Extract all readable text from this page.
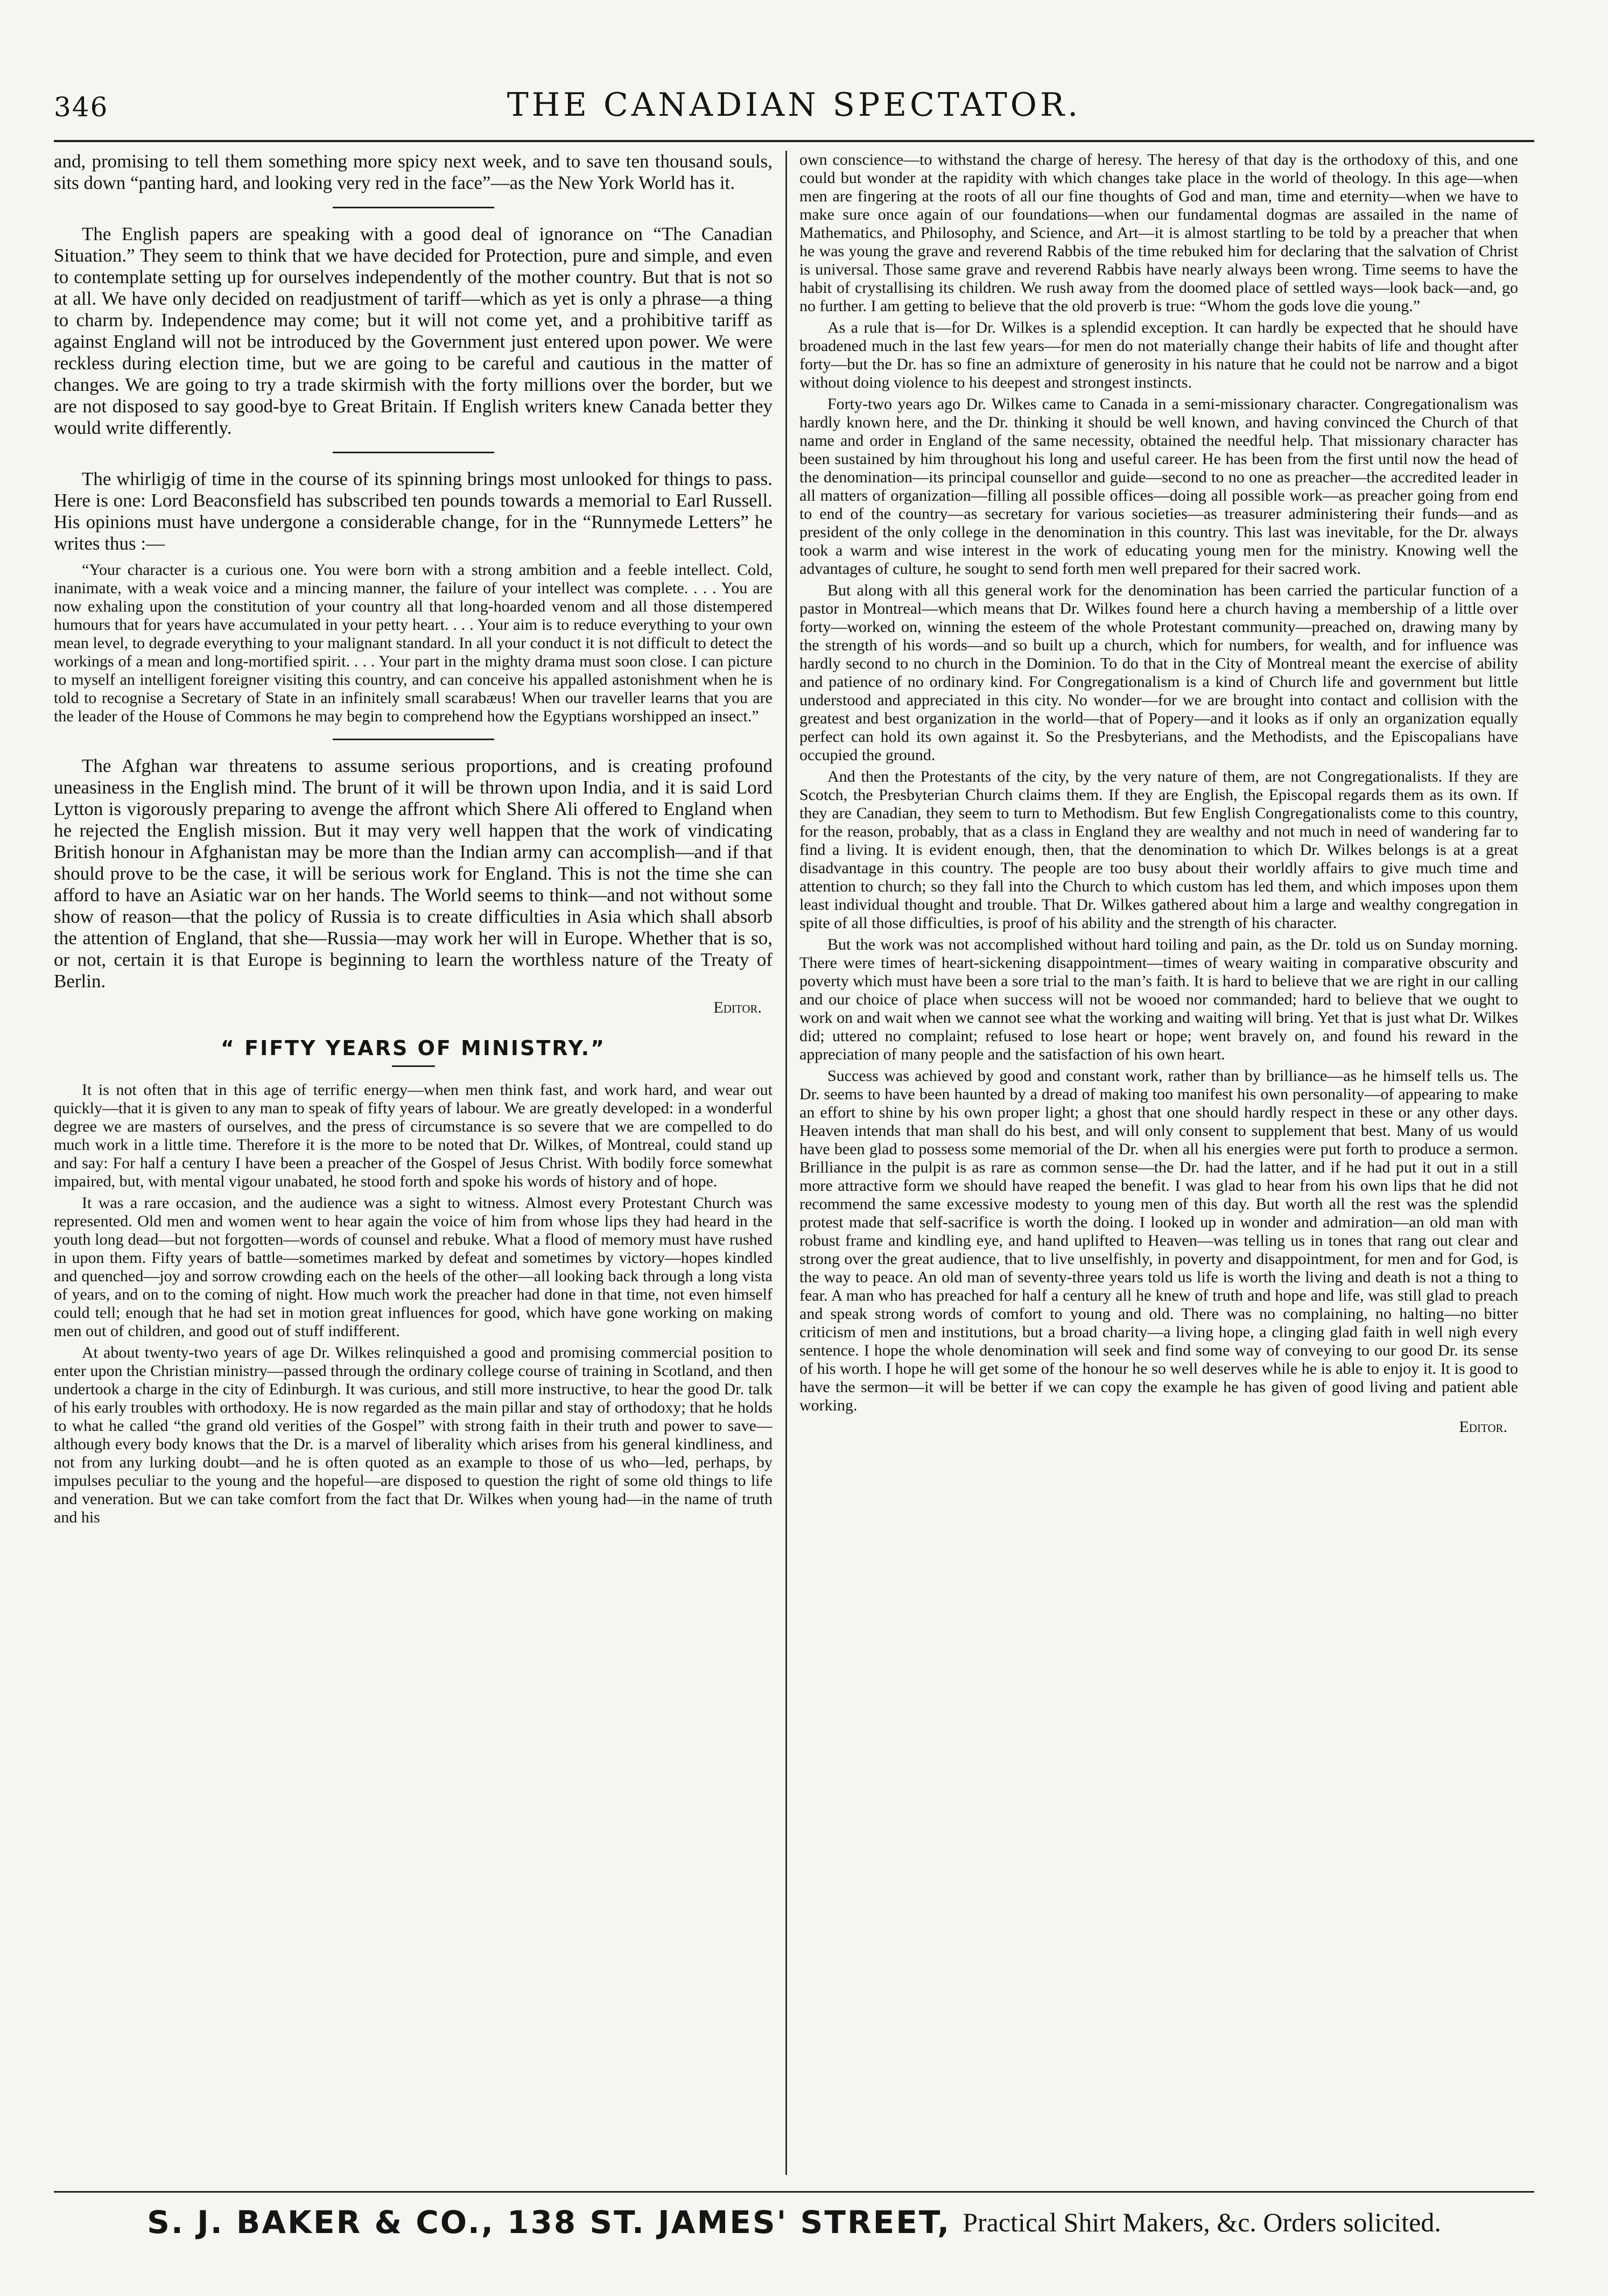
346	THE CANADIAN SPECTATOR.

and, promising to tell them something more spicy next week, and to save ten thousand souls, sits down “panting hard, and looking very red in the face”—as the New York World has it.

The English papers are speaking with a good deal of ignorance on “The Canadian Situation.” They seem to think that we have decided for Protection, pure and simple, and even to contemplate setting up for ourselves independently of the mother country. But that is not so at all. We have only decided on readjustment of tariff—which as yet is only a phrase—a thing to charm by. Independence may come; but it will not come yet, and a prohibitive tariff as against England will not be introduced by the Government just entered upon power. We were reckless during election time, but we are going to be careful and cautious in the matter of changes. We are going to try a trade skirmish with the forty millions over the border, but we are not disposed to say good-bye to Great Britain. If English writers knew Canada better they would write differently.

The whirligig of time in the course of its spinning brings most unlooked for things to pass. Here is one: Lord Beaconsfield has subscribed ten pounds towards a memorial to Earl Russell. His opinions must have undergone a considerable change, for in the “Runnymede Letters” he writes thus :—

“Your character is a curious one. You were born with a strong ambition and a feeble intellect. Cold, inanimate, with a weak voice and a mincing manner, the failure of your intellect was complete. . . . You are now exhaling upon the constitution of your country all that long-hoarded venom and all those distempered humours that for years have accumulated in your petty heart. . . . Your aim is to reduce everything to your own mean level, to degrade everything to your malignant standard. In all your conduct it is not difficult to detect the workings of a mean and long-mortified spirit. . . . Your part in the mighty drama must soon close. I can picture to myself an intelligent foreigner visiting this country, and can conceive his appalled astonishment when he is told to recognise a Secretary of State in an infinitely small scarabæus! When our traveller learns that you are the leader of the House of Commons he may begin to comprehend how the Egyptians worshipped an insect.”

The Afghan war threatens to assume serious proportions, and is creating profound uneasiness in the English mind. The brunt of it will be thrown upon India, and it is said Lord Lytton is vigorously preparing to avenge the affront which Shere Ali offered to England when he rejected the English mission. But it may very well happen that the work of vindicating British honour in Afghanistan may be more than the Indian army can accomplish—and if that should prove to be the case, it will be serious work for England. This is not the time she can afford to have an Asiatic war on her hands. The World seems to think—and not without some show of reason—that the policy of Russia is to create difficulties in Asia which shall absorb the attention of England, that she—Russia—may work her will in Europe. Whether that is so, or not, certain it is that Europe is beginning to learn the worthless nature of the Treaty of Berlin.

Editor.

“ FIFTY YEARS OF MINISTRY.”

It is not often that in this age of terrific energy—when men think fast, and work hard, and wear out quickly—that it is given to any man to speak of fifty years of labour. We are greatly developed: in a wonderful degree we are masters of ourselves, and the press of circumstance is so severe that we are compelled to do much work in a little time. Therefore it is the more to be noted that Dr. Wilkes, of Montreal, could stand up and say: For half a century I have been a preacher of the Gospel of Jesus Christ. With bodily force somewhat impaired, but, with mental vigour unabated, he stood forth and spoke his words of history and of hope.

It was a rare occasion, and the audience was a sight to witness. Almost every Protestant Church was represented. Old men and women went to hear again the voice of him from whose lips they had heard in the youth long dead—but not forgotten—words of counsel and rebuke. What a flood of memory must have rushed in upon them. Fifty years of battle—sometimes marked by defeat and sometimes by victory—hopes kindled and quenched—joy and sorrow crowding each on the heels of the other—all looking back through a long vista of years, and on to the coming of night. How much work the preacher had done in that time, not even himself could tell; enough that he had set in motion great influences for good, which have gone working on making men out of children, and good out of stuff indifferent.

At about twenty-two years of age Dr. Wilkes relinquished a good and promising commercial position to enter upon the Christian ministry—passed through the ordinary college course of training in Scotland, and then undertook a charge in the city of Edinburgh. It was curious, and still more instructive, to hear the good Dr. talk of his early troubles with orthodoxy. He is now regarded as the main pillar and stay of orthodoxy; that he holds to what he called “the grand old verities of the Gospel” with strong faith in their truth and power to save—although every body knows that the Dr. is a marvel of liberality which arises from his general kindliness, and not from any lurking doubt—and he is often quoted as an example to those of us who—led, perhaps, by impulses peculiar to the young and the hopeful—are disposed to question the right of some old things to life and veneration. But we can take comfort from the fact that Dr. Wilkes when young had—in the name of truth and his

own conscience—to withstand the charge of heresy. The heresy of that day is the orthodoxy of this, and one could but wonder at the rapidity with which changes take place in the world of theology. In this age—when men are fingering at the roots of all our fine thoughts of God and man, time and eternity—when we have to make sure once again of our foundations—when our fundamental dogmas are assailed in the name of Mathematics, and Philosophy, and Science, and Art—it is almost startling to be told by a preacher that when he was young the grave and reverend Rabbis of the time rebuked him for declaring that the salvation of Christ is universal. Those same grave and reverend Rabbis have nearly always been wrong. Time seems to have the habit of crystallising its children. We rush away from the doomed place of settled ways—look back—and, go no further. I am getting to believe that the old proverb is true: “Whom the gods love die young.”

As a rule that is—for Dr. Wilkes is a splendid exception. It can hardly be expected that he should have broadened much in the last few years—for men do not materially change their habits of life and thought after forty—but the Dr. has so fine an admixture of generosity in his nature that he could not be narrow and a bigot without doing violence to his deepest and strongest instincts.

Forty-two years ago Dr. Wilkes came to Canada in a semi-missionary character. Congregationalism was hardly known here, and the Dr. thinking it should be well known, and having convinced the Church of that name and order in England of the same necessity, obtained the needful help. That missionary character has been sustained by him throughout his long and useful career. He has been from the first until now the head of the denomination—its principal counsellor and guide—second to no one as preacher—the accredited leader in all matters of organization—filling all possible offices—doing all possible work—as preacher going from end to end of the country—as secretary for various societies—as treasurer administering their funds—and as president of the only college in the denomination in this country. This last was inevitable, for the Dr. always took a warm and wise interest in the work of educating young men for the ministry. Knowing well the advantages of culture, he sought to send forth men well prepared for their sacred work.

But along with all this general work for the denomination has been carried the particular function of a pastor in Montreal—which means that Dr. Wilkes found here a church having a membership of a little over forty—worked on, winning the esteem of the whole Protestant community—preached on, drawing many by the strength of his words—and so built up a church, which for numbers, for wealth, and for influence was hardly second to no church in the Dominion. To do that in the City of Montreal meant the exercise of ability and patience of no ordinary kind. For Congregationalism is a kind of Church life and government but little understood and appreciated in this city. No wonder—for we are brought into contact and collision with the greatest and best organization in the world—that of Popery—and it looks as if only an organization equally perfect can hold its own against it. So the Presbyterians, and the Methodists, and the Episcopalians have occupied the ground.

And then the Protestants of the city, by the very nature of them, are not Congregationalists. If they are Scotch, the Presbyterian Church claims them. If they are English, the Episcopal regards them as its own. If they are Canadian, they seem to turn to Methodism. But few English Congregationalists come to this country, for the reason, probably, that as a class in England they are wealthy and not much in need of wandering far to find a living. It is evident enough, then, that the denomination to which Dr. Wilkes belongs is at a great disadvantage in this country. The people are too busy about their worldly affairs to give much time and attention to church; so they fall into the Church to which custom has led them, and which imposes upon them least individual thought and trouble. That Dr. Wilkes gathered about him a large and wealthy congregation in spite of all those difficulties, is proof of his ability and the strength of his character.

But the work was not accomplished without hard toiling and pain, as the Dr. told us on Sunday morning. There were times of heart-sickening disappointment—times of weary waiting in comparative obscurity and poverty which must have been a sore trial to the man’s faith. It is hard to believe that we are right in our calling and our choice of place when success will not be wooed nor commanded; hard to believe that we ought to work on and wait when we cannot see what the working and waiting will bring. Yet that is just what Dr. Wilkes did; uttered no complaint; refused to lose heart or hope; went bravely on, and found his reward in the appreciation of many people and the satisfaction of his own heart.

Success was achieved by good and constant work, rather than by brilliance—as he himself tells us. The Dr. seems to have been haunted by a dread of making too manifest his own personality—of appearing to make an effort to shine by his own proper light; a ghost that one should hardly respect in these or any other days. Heaven intends that man shall do his best, and will only consent to supplement that best. Many of us would have been glad to possess some memorial of the Dr. when all his energies were put forth to produce a sermon. Brilliance in the pulpit is as rare as common sense—the Dr. had the latter, and if he had put it out in a still more attractive form we should have reaped the benefit. I was glad to hear from his own lips that he did not recommend the same excessive modesty to young men of this day. But worth all the rest was the splendid protest made that self-sacrifice is worth the doing. I looked up in wonder and admiration—an old man with robust frame and kindling eye, and hand uplifted to Heaven—was telling us in tones that rang out clear and strong over the great audience, that to live unselfishly, in poverty and disappointment, for men and for God, is the way to peace. An old man of seventy-three years told us life is worth the living and death is not a thing to fear. A man who has preached for half a century all he knew of truth and hope and life, was still glad to preach and speak strong words of comfort to young and old. There was no complaining, no halting—no bitter criticism of men and institutions, but a broad charity—a living hope, a clinging glad faith in well nigh every sentence. I hope the whole denomination will seek and find some way of conveying to our good Dr. its sense of his worth. I hope he will get some of the honour he so well deserves while he is able to enjoy it. It is good to have the sermon—it will be better if we can copy the example he has given of good living and patient able working.

Editor.

S. J. BAKER & CO., 138 ST. JAMES' STREET, Practical Shirt Makers, &c. Orders solicited.
